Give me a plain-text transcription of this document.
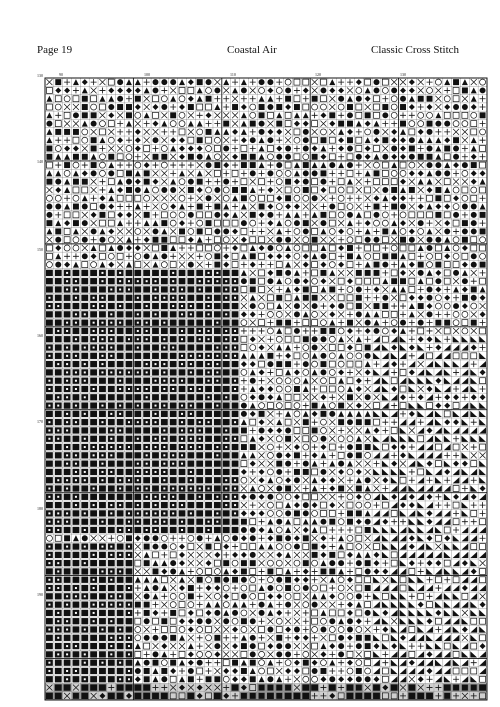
Page 19	Coastal Air	Classic Cross Stitch
90	100	110	120	130
130
140
150
160
170
180
190
